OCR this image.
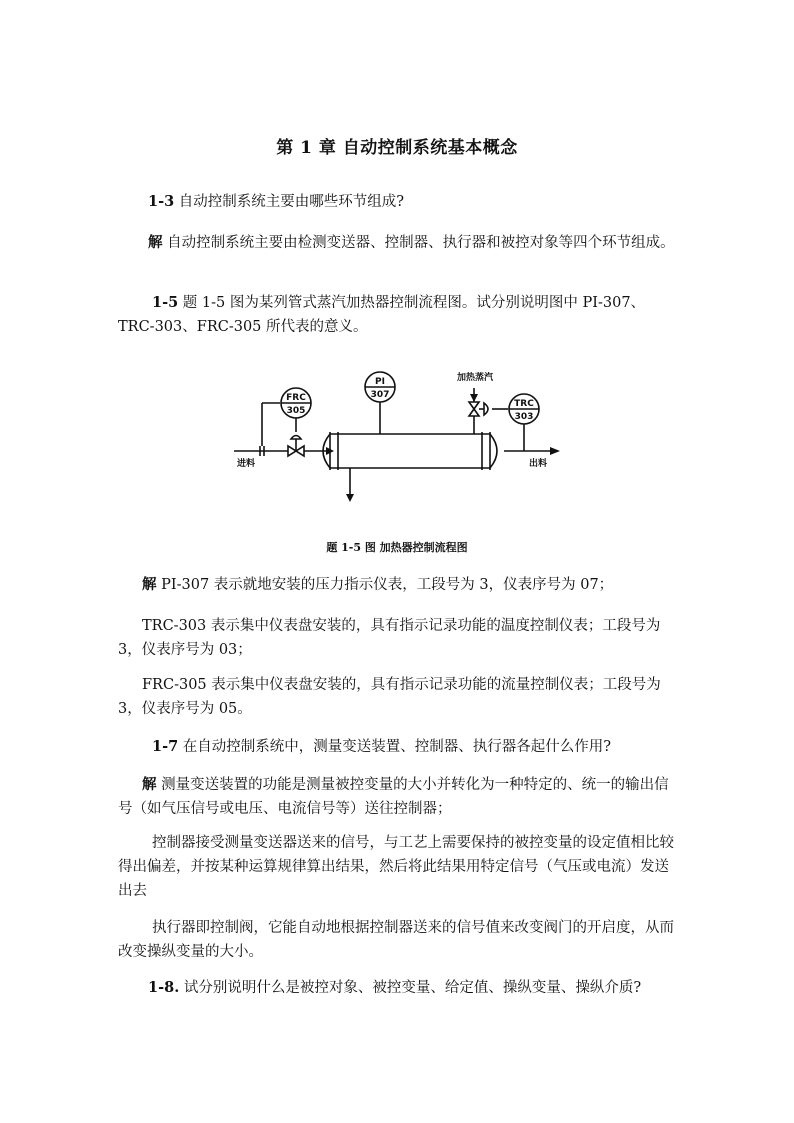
第 1 章 自动控制系统基本概念
1-3 自动控制系统主要由哪些环节组成?
解 自动控制系统主要由检测变送器、控制器、执行器和被控对象等四个环节组成。
1-5 题 1-5 图为某列管式蒸汽加热器控制流程图。试分别说明图中 PI-307、TRC-303、FRC-305 所代表的意义。
FRC
305
PI
307
TRC
303
加热蒸汽
进料	出料
题 1-5 图 加热器控制流程图
解 PI-307 表示就地安装的压力指示仪表，工段号为 3，仪表序号为 07；
TRC-303 表示集中仪表盘安装的，具有指示记录功能的温度控制仪表；工段号为 3，仪表序号为 03；
FRC-305 表示集中仪表盘安装的，具有指示记录功能的流量控制仪表；工段号为 3，仪表序号为 05。
1-7 在自动控制系统中，测量变送装置、控制器、执行器各起什么作用?
解 测量变送装置的功能是测量被控变量的大小并转化为一种特定的、统一的输出信号（如气压信号或电压、电流信号等）送往控制器；
控制器接受测量变送器送来的信号，与工艺上需要保持的被控变量的设定值相比较得出偏差，并按某种运算规律算出结果，然后将此结果用特定信号（气压或电流）发送出去
执行器即控制阀，它能自动地根据控制器送来的信号值来改变阀门的开启度，从而改变操纵变量的大小。
1-8. 试分别说明什么是被控对象、被控变量、给定值、操纵变量、操纵介质?
